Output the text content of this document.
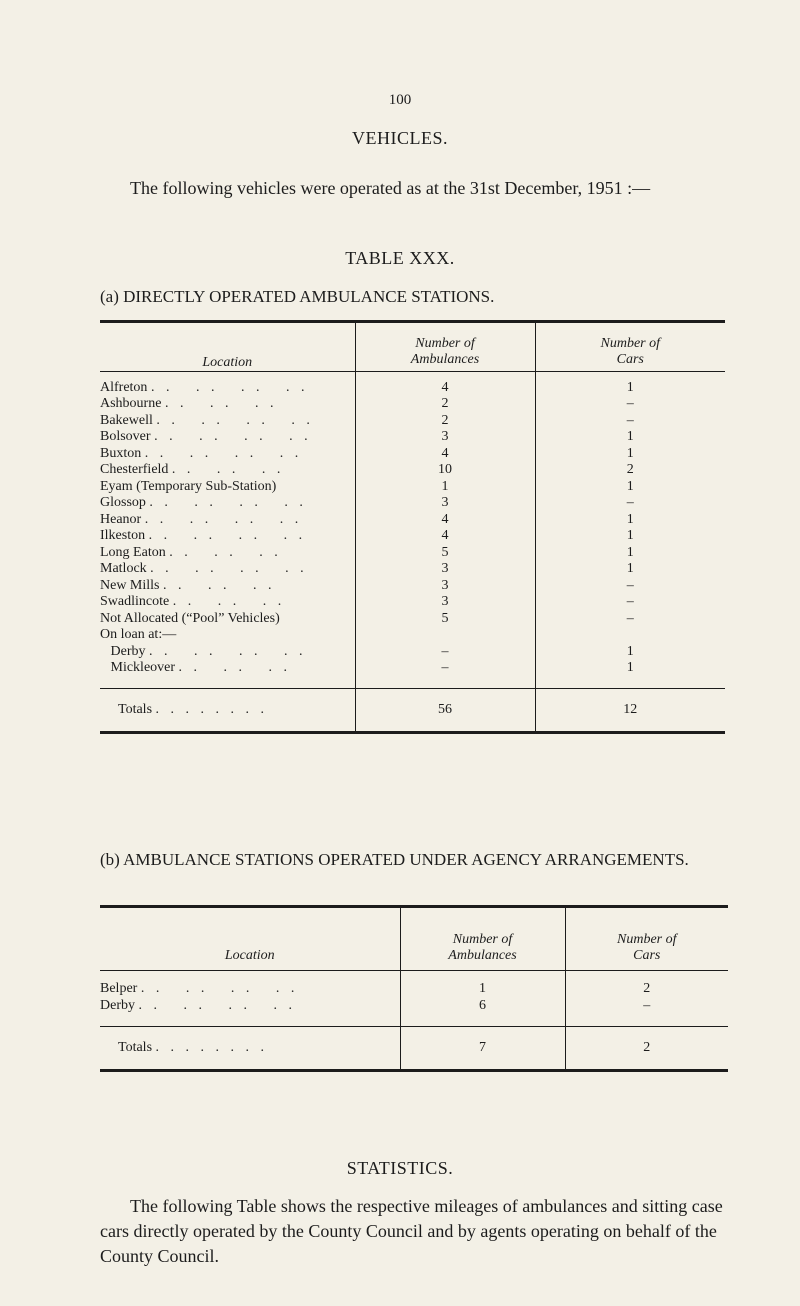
100
VEHICLES.
The following vehicles were operated as at the 31st December, 1951 :—
TABLE XXX.
(a) DIRECTLY OPERATED AMBULANCE STATIONS.
Location	Number of Ambulances	Number of Cars

Alfreton . .   . .   . .   . .	4	1
Ashbourne . .   . .   . .	2	–
Bakewell . .   . .   . .   . .	2	–
Bolsover . .   . .   . .   . .	3	1
Buxton . .   . .   . .   . .	4	1
Chesterfield . .   . .   . .	10	2
Eyam (Temporary Sub-Station)	1	1
Glossop . .   . .   . .   . .	3	–
Heanor . .   . .   . .   . .	4	1
Ilkeston . .   . .   . .   . .	4	1
Long Eaton . .   . .   . .	5	1
Matlock . .   . .   . .   . .	3	1
New Mills . .   . .   . .	3	–
Swadlincote . .   . .   . .	3	–
Not Allocated (“Pool” Vehicles)	5	–
On loan at:—		
Derby . .   . .   . .   . .	–	1
Mickleover . .   . .   . .	–	1

Totals . . . . . . . .	56	12
(b) AMBULANCE STATIONS OPERATED UNDER AGENCY ARRANGEMENTS.
Location	Number of Ambulances	Number of Cars

Belper . .   . .   . .   . .	1	2
Derby . .   . .   . .   . .	6	–

Totals . . . . . . . .	7	2
STATISTICS.
The following Table shows the respective mileages of ambulances and sitting case cars directly operated by the County Council and by agents operating on behalf of the County Council.
